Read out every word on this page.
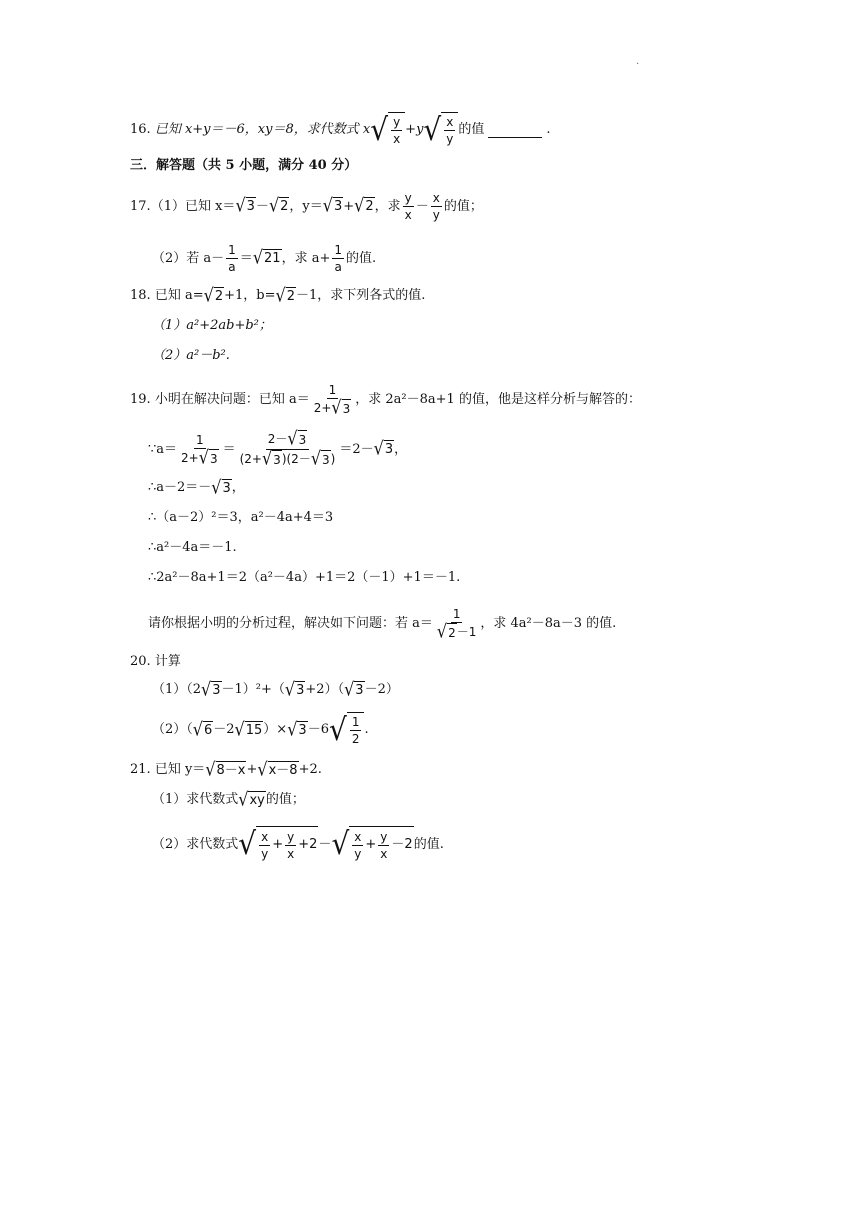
.
16.
已知 x+y＝－6，xy＝8，求代数式 x √ $\frac{y}{x} +y$ √ $\frac{x}{y}$ 的值	.
三．解答题（共 5 小题，满分 40 分）
17. （1）已知 x＝ √ 3 － √ 2 ，y＝ √ 3 + √ 2 ，求 $\frac{y}{x} - \frac{x}{y}$ 的值；
（2）若 $a- \frac{1}{a}$ ＝ √ 21 ，求 $a+ \frac{1}{a}$ 的值.
18.
已知 a= √ 2 +1，b= √ 2 －1，求下列各式的值.
（1）a²+2ab+b²；
（2）a²－b².
19.
小明在解决问题：已知 $a= \frac{1}{2+ √ 3}$ ，求 2a²－8a+1 的值，他是这样分析与解答的：
∵a＝ $\frac{1}{2+ √ 3} = \frac{2- √ 3}{(2+ √ 3 )(2- √ 3 )} =2-$ √ 3 ，
∴a－2＝－ √ 3 ，
∴（a－2）²＝3，a²－4a+4＝3
∴a²－4a＝－1.
∴2a²－8a+1＝2（a²－4a）+1＝2（－1）+1＝－1.
请你根据小明的分析过程，解决如下问题：若 $a= \frac{1}{√ 2 -1}$ ，求 4a²－8a－3 的值.
20.
计算
（1）（2 √ 3 －1）²+（ √ 3 +2）（ √ 3 －2）
（2）（ √ 6 －2 √ 15 ）× √ 3 －6 √ $\frac{1}{2}$ .
21.
已知 y＝ √ 8－x + √ x－8 +2.
（1）求代数式 √ xy 的值；
（2）求代数式 √ $\frac{x}{y} + \frac{y}{x} +2$ － √ $\frac{x}{y} + \frac{y}{x} -2$ 的值.
